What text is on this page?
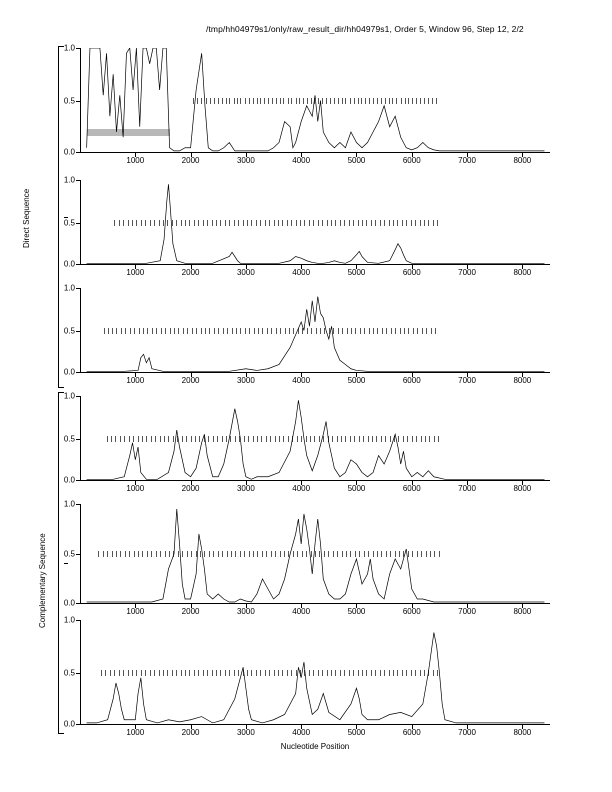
/tmp/hh04979s1/only/raw_result_dir/hh04979s1, Order 5, Window 96, Step 12, 2/2
Direct Sequence
Complementary Sequence
0.0
0.5
1.0
1000	2000	3000	4000	5000	6000	7000	8000
0.0
0.5
1.0
1000	2000	3000	4000	5000	6000	7000	8000
0.0
0.5
1.0
1000	2000	3000	4000	5000	6000	7000	8000
0.0
0.5
1.0
1000	2000	3000	4000	5000	6000	7000	8000
0.0
0.5
1.0
1000	2000	3000	4000	5000	6000	7000	8000
0.0
0.5
1.0
1000	2000	3000	4000	5000	6000	7000	8000
Nucleotide Position
